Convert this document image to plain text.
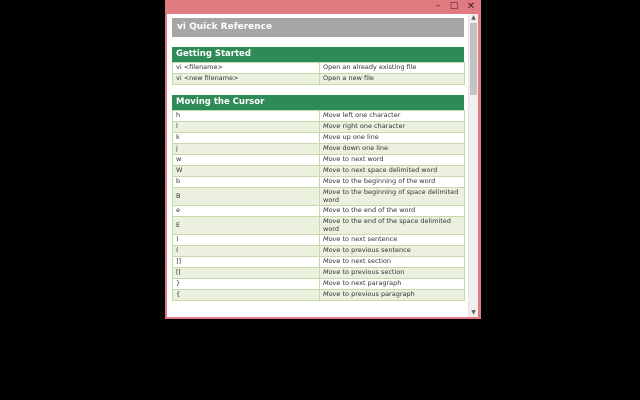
–	□ ✕
vi Quick Reference
Getting Started
vi <filename>	Open an already existing file
vi <new filename>	Open a new file
Moving the Cursor
h	Move left one character
l	Move right one character
k	Move up one line
j	Move down one line
w	Move to next word
W	Move to next space delimited word
b	Move to the beginning of the word
B	Move to the beginning of space delimited word
e	Move to the end of the word
E	Move to the end of the space delimited word
)	Move to next sentence
(	Move to previous sentence
]]	Move to next section
[[	Move to previous section
}	Move to next paragraph
{	Move to previous paragraph
▲
▼
